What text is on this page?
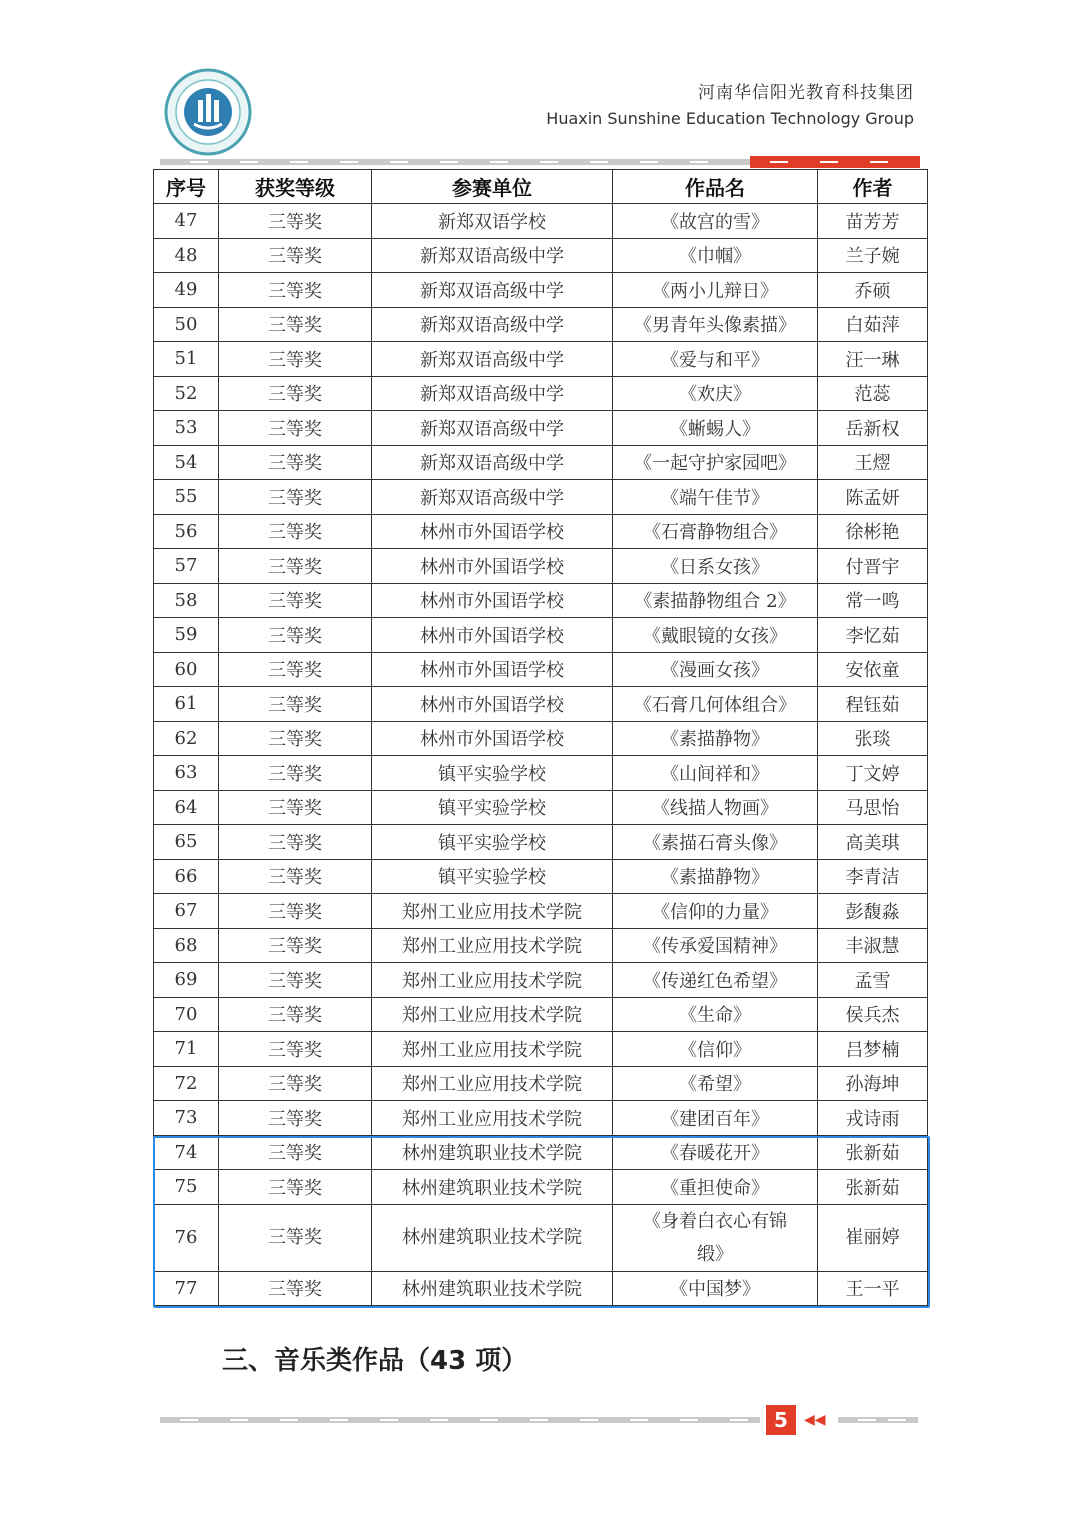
河南华信阳光教育科技集团
Huaxin Sunshine Education Technology Group
序号	获奖等级	参赛单位	作品名	作者
47	三等奖	新郑双语学校	《故宫的雪》	苗芳芳
48	三等奖	新郑双语高级中学	《巾帼》	兰子婉
49	三等奖	新郑双语高级中学	《两小儿辩日》	乔硕
50	三等奖	新郑双语高级中学	《男青年头像素描》	白茹萍
51	三等奖	新郑双语高级中学	《爱与和平》	汪一琳
52	三等奖	新郑双语高级中学	《欢庆》	范蕊
53	三等奖	新郑双语高级中学	《蜥蜴人》	岳新权
54	三等奖	新郑双语高级中学	《一起守护家园吧》	王熤
55	三等奖	新郑双语高级中学	《端午佳节》	陈孟妍
56	三等奖	林州市外国语学校	《石膏静物组合》	徐彬艳
57	三等奖	林州市外国语学校	《日系女孩》	付晋宇
58	三等奖	林州市外国语学校	《素描静物组合 2》	常一鸣
59	三等奖	林州市外国语学校	《戴眼镜的女孩》	李忆茹
60	三等奖	林州市外国语学校	《漫画女孩》	安依童
61	三等奖	林州市外国语学校	《石膏几何体组合》	程钰茹
62	三等奖	林州市外国语学校	《素描静物》	张琰
63	三等奖	镇平实验学校	《山间祥和》	丁文婷
64	三等奖	镇平实验学校	《线描人物画》	马思怡
65	三等奖	镇平实验学校	《素描石膏头像》	高美琪
66	三等奖	镇平实验学校	《素描静物》	李青洁
67	三等奖	郑州工业应用技术学院	《信仰的力量》	彭馥淼
68	三等奖	郑州工业应用技术学院	《传承爱国精神》	丰淑慧
69	三等奖	郑州工业应用技术学院	《传递红色希望》	孟雪
70	三等奖	郑州工业应用技术学院	《生命》	侯兵杰
71	三等奖	郑州工业应用技术学院	《信仰》	吕梦楠
72	三等奖	郑州工业应用技术学院	《希望》	孙海坤
73	三等奖	郑州工业应用技术学院	《建团百年》	戎诗雨
74	三等奖	林州建筑职业技术学院	《春暖花开》	张新茹
75	三等奖	林州建筑职业技术学院	《重担使命》	张新茹
76	三等奖	林州建筑职业技术学院	《身着白衣心有锦缎》	崔丽婷
77	三等奖	林州建筑职业技术学院	《中国梦》	王一平
三、音乐类作品（43 项）
5	◀◀
